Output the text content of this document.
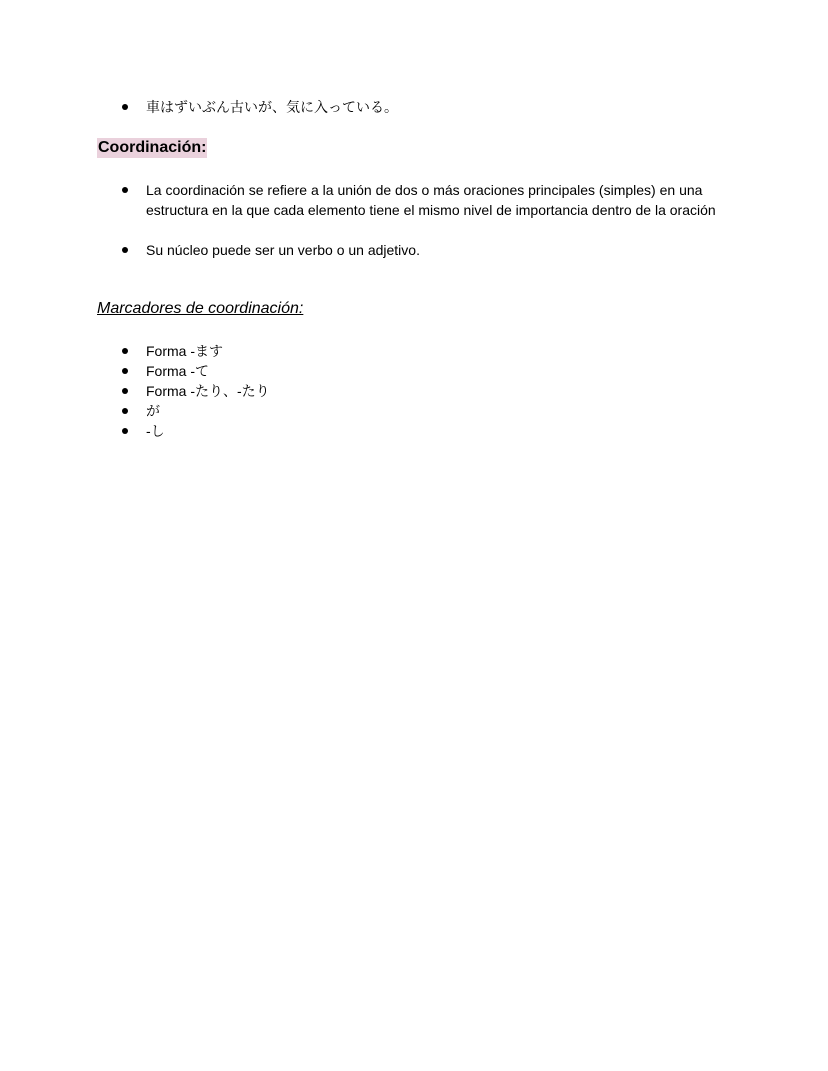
車はずいぶん古いが、気に入っている。
Coordinación:
La coordinación se refiere a la unión de dos o más oraciones principales (simples) en una estructura en la que cada elemento tiene el mismo nivel de importancia dentro de la oración
Su núcleo puede ser un verbo o un adjetivo.
Marcadores de coordinación:
Forma -ます
Forma -て
Forma -たり、-たり
が
-し
